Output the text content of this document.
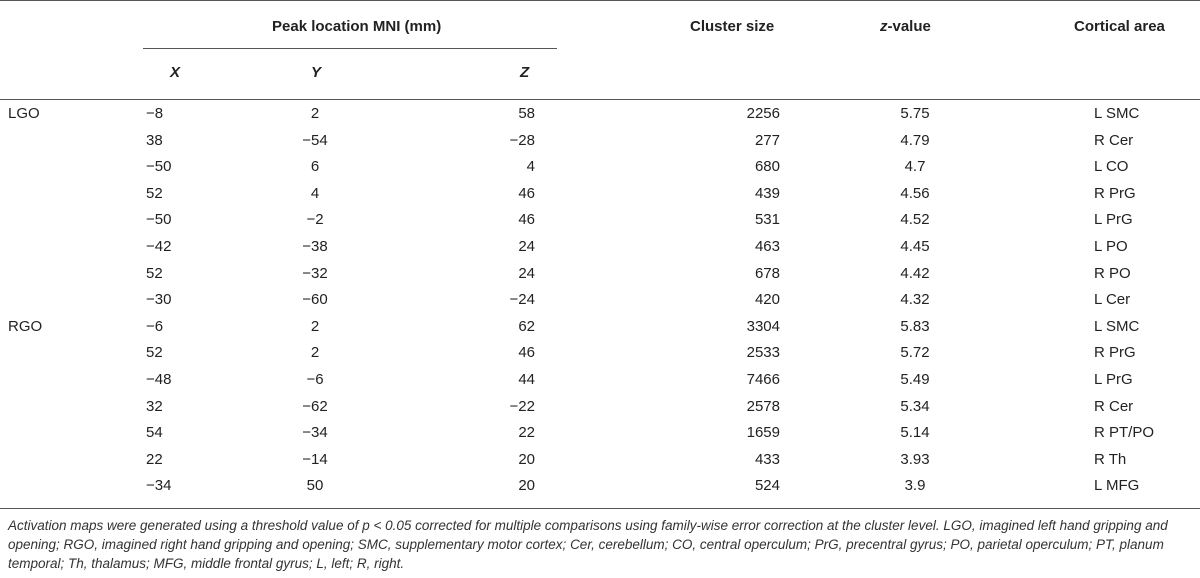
Peak location MNI (mm)	Cluster size	z-value	Cortical area
X	Y	Z
LGO	−8	2	58	2256	5.75	L SMC
38	−54	−28	277	4.79	R Cer
−50	6	4	680	4.7	L CO
52	4	46	439	4.56	R PrG
−50	−2	46	531	4.52	L PrG
−42	−38	24	463	4.45	L PO
52	−32	24	678	4.42	R PO
−30	−60	−24	420	4.32	L Cer
RGO	−6	2	62	3304	5.83	L SMC
52	2	46	2533	5.72	R PrG
−48	−6	44	7466	5.49	L PrG
32	−62	−22	2578	5.34	R Cer
54	−34	22	1659	5.14	R PT/PO
22	−14	20	433	3.93	R Th
−34	50	20	524	3.9	L MFG
Activation maps were generated using a threshold value of p < 0.05 corrected for multiple comparisons using family-wise error correction at the cluster level. LGO, imagined left hand gripping and opening; RGO, imagined right hand gripping and opening; SMC, supplementary motor cortex; Cer, cerebellum; CO, central operculum; PrG, precentral gyrus; PO, parietal operculum; PT, planum temporal; Th, thalamus; MFG, middle frontal gyrus; L, left; R, right.
